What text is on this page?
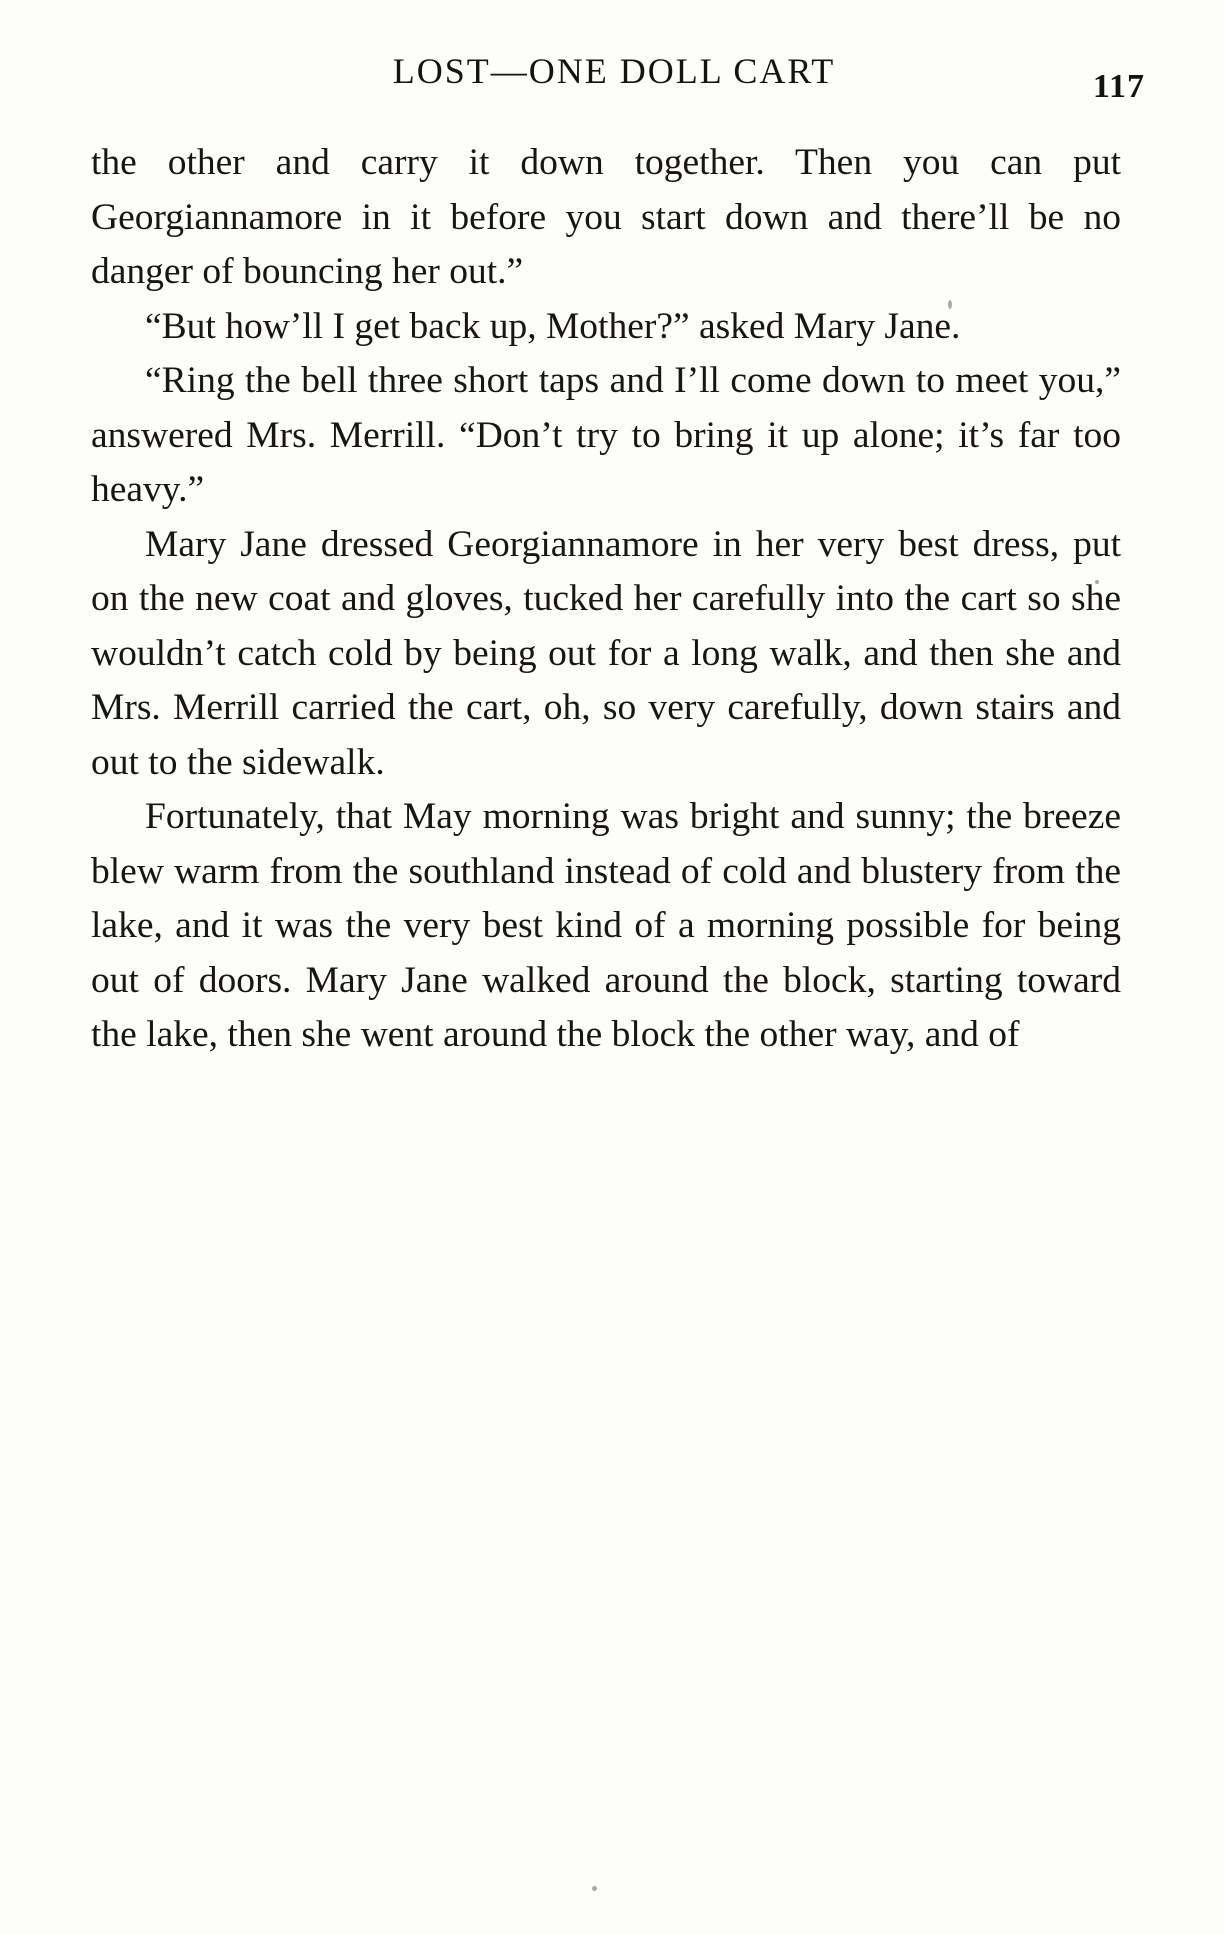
LOST—ONE DOLL CART	117

the other and carry it down together. Then you can put Georgiannamore in it before you start down and there’ll be no danger of bouncing her out.”

“But how’ll I get back up, Mother?” asked Mary Jane.

“Ring the bell three short taps and I’ll come down to meet you,” answered Mrs. Merrill. “Don’t try to bring it up alone; it’s far too heavy.”

Mary Jane dressed Georgiannamore in her very best dress, put on the new coat and gloves, tucked her carefully into the cart so she wouldn’t catch cold by being out for a long walk, and then she and Mrs. Merrill carried the cart, oh, so very carefully, down stairs and out to the sidewalk.

Fortunately, that May morning was bright and sunny; the breeze blew warm from the southland instead of cold and blustery from the lake, and it was the very best kind of a morning possible for being out of doors. Mary Jane walked around the block, starting toward the lake, then she went around the block the other way, and of
